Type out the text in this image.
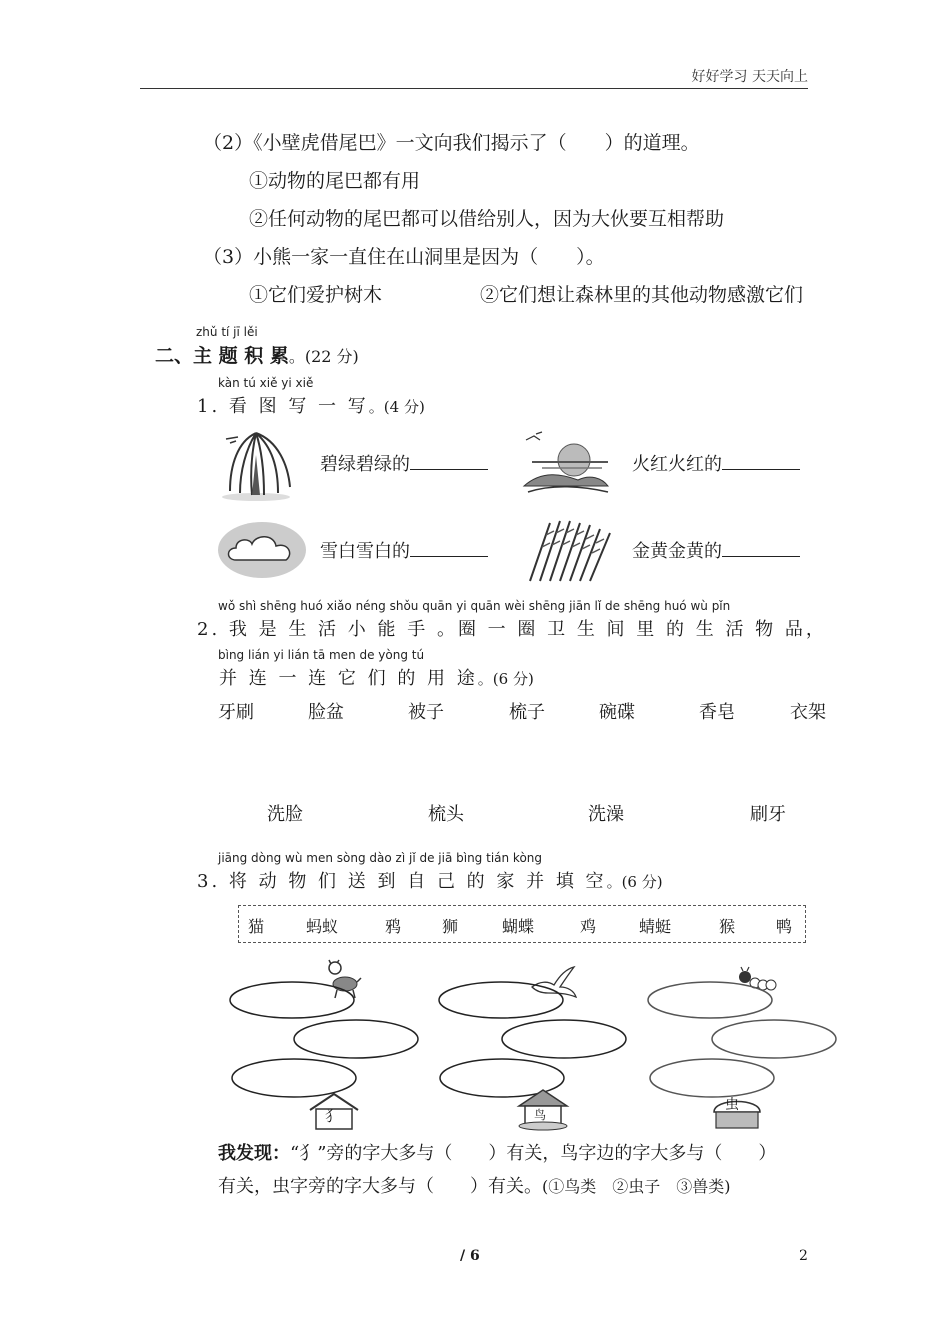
好好学习 天天向上
（2）《小壁虎借尾巴》一文向我们揭示了（　　）的道理。
①动物的尾巴都有用
②任何动物的尾巴都可以借给别人，因为大伙要互相帮助
（3）小熊一家一直住在山洞里是因为（　　）。
①它们爱护树木	②它们想让森林里的其他动物感激它们
zhǔ tí jī lěi
二、主 题 积 累。(22 分)
kàn tú xiě yi xiě
1. 看 图 写 一 写。(4 分)
碧绿碧绿的	火红火红的
雪白雪白的	金黄金黄的
wǒ shì shēng huó xiǎo néng shǒu quān yi quān wèi shēng jiān lǐ de shēng huó wù pǐn
2. 我 是 生 活 小 能 手 。圈 一 圈 卫 生 间 里 的 生 活 物 品，
bìng lián yi lián tā men de yòng tú
并 连 一 连 它 们 的 用 途。(6 分)
牙刷	脸盆	被子	梳子	碗碟	香皂	衣架
洗脸	梳头	洗澡	刷牙
jiāng dòng wù men sòng dào zì jǐ de jiā bìng tián kòng
3. 将 动 物 们 送 到 自 己 的 家 并 填 空。(6 分)
猫	蚂蚁	鸦	狮	蝴蝶	鸡	蜻蜓	猴	鸭
犭	鸟
虫
我发现：“犭”旁的字大多与（　　）有关，鸟字边的字大多与（　　）
有关，虫字旁的字大多与（　　）有关。(①鸟类　②虫子　③兽类)
/ 6	2
